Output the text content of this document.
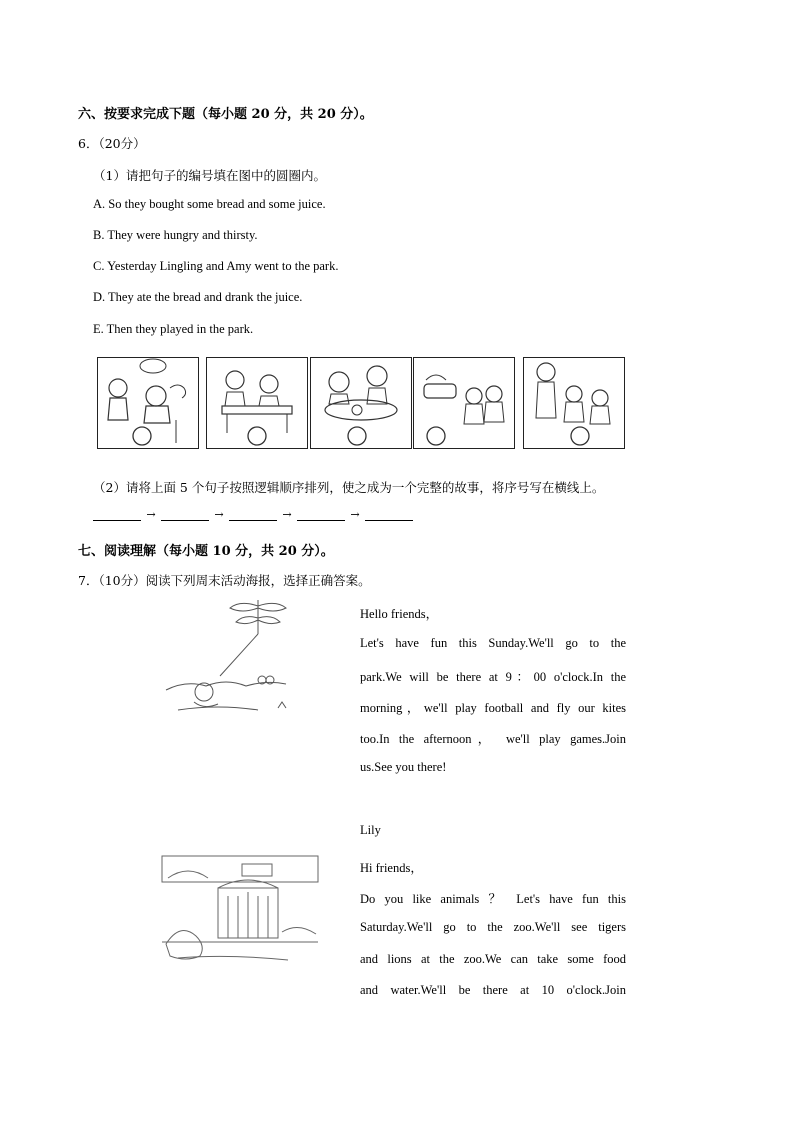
六、按要求完成下题（每小题 20 分，共 20 分）。
6．（20分）
（1）请把句子的编号填在图中的圆圈内。
A. So they bought some bread and some juice.
B. They were hungry and thirsty.
C. Yesterday Lingling and Amy went to the park.
D. They ate the bread and drank the juice.
E. Then they played in the park.
（2）请将上面 5 个句子按照逻辑顺序排列，使之成为一个完整的故事，将序号写在横线上。
→	→	→	→
七、阅读理解（每小题 10 分，共 20 分）。
7．（10分）阅读下列周末活动海报，选择正确答案。
Hello friends，
Let's have fun this Sunday.We'll go to the
park.We will be there at 9：00 o'clock.In the
morning，we'll play football and fly our kites
too.In the afternoon， we'll play games.Join
us.See you there!
Lily
Hi friends，
Do you like animals ？ Let's have fun this
Saturday.We'll go to the zoo.We'll see tigers
and lions at the zoo.We can take some food
and water.We'll be there at 10 o'clock.Join
